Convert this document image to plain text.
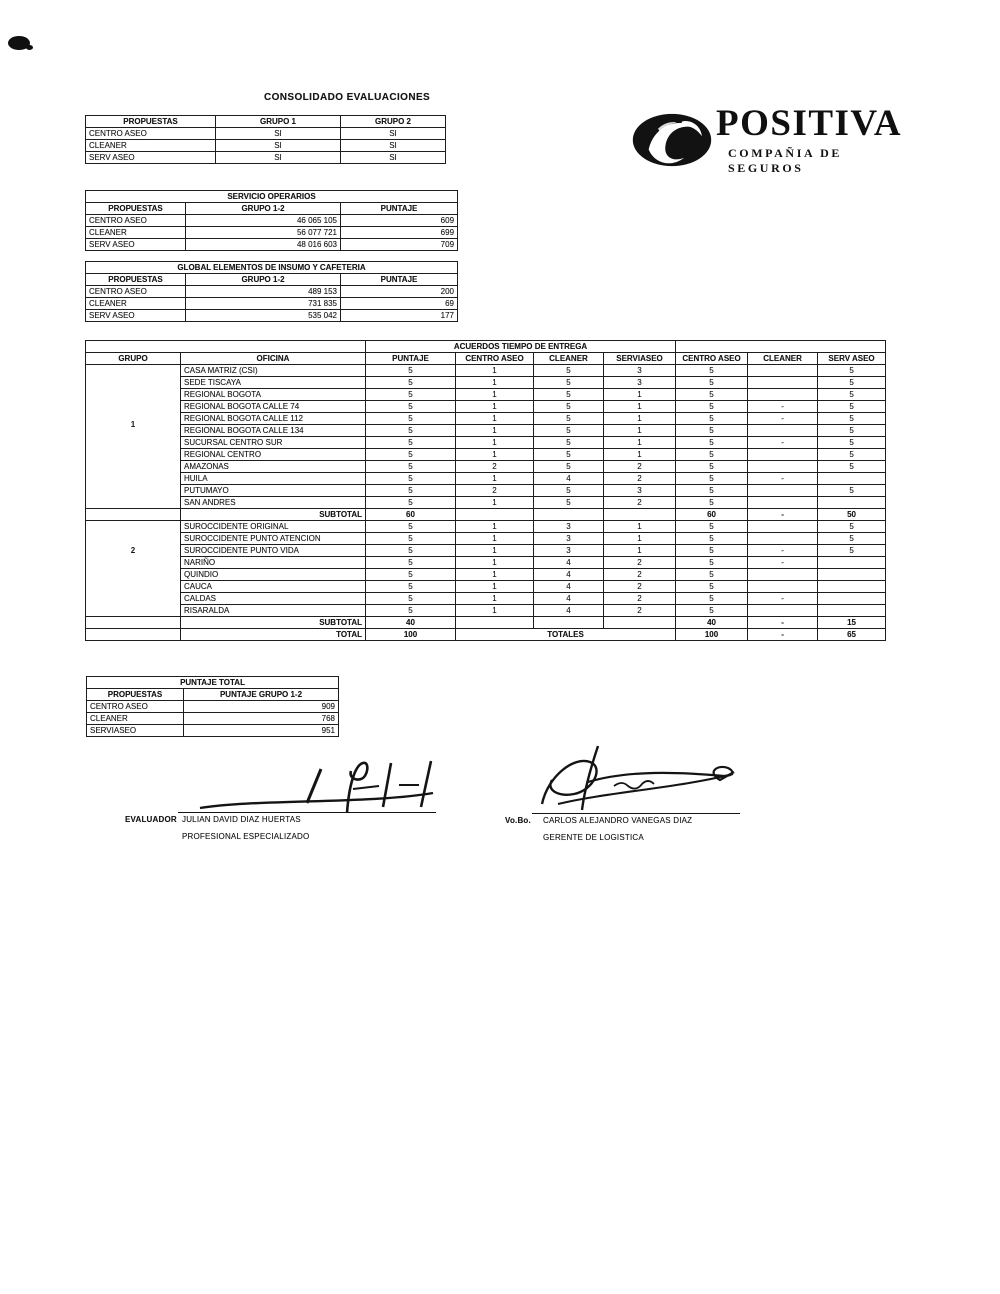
CONSOLIDADO EVALUACIONES
POSITIVA
COMPAÑIA DE SEGUROS
PROPUESTAS	GRUPO 1	GRUPO 2
CENTRO ASEO	SI	SI
CLEANER	SI	SI
SERV ASEO	SI	SI
SERVICIO OPERARIOS		
PROPUESTAS	GRUPO 1-2	PUNTAJE
CENTRO ASEO	46 065 105	609
CLEANER	56 077 721	699
SERV ASEO	48 016 603	709
GLOBAL ELEMENTOS DE INSUMO Y CAFETERIA		
PROPUESTAS	GRUPO 1-2	PUNTAJE
CENTRO ASEO	489 153	200
CLEANER	731 835	69
SERV ASEO	535 042	177
		ACUERDOS TIEMPO DE ENTREGA						
GRUPO	OFICINA	PUNTAJE	CENTRO ASEO	CLEANER	SERVIASEO	CENTRO ASEO	CLEANER	SERV ASEO
	CASA MATRIZ (CSI)	5	1	5	3	5		5
	SEDE TISCAYA	5	1	5	3	5		5
	REGIONAL BOGOTA	5	1	5	1	5		5
	REGIONAL BOGOTA CALLE 74	5	1	5	1	5	-	5
	REGIONAL BOGOTA CALLE 112	5	1	5	1	5	-	5
	REGIONAL BOGOTA CALLE 134	5	1	5	1	5		5
	SUCURSAL CENTRO SUR	5	1	5	1	5	-	5
	REGIONAL CENTRO	5	1	5	1	5		5
	AMAZONAS	5	2	5	2	5		5
	HUILA	5	1	4	2	5	-	
	PUTUMAYO	5	2	5	3	5		5
	SAN ANDRES	5	1	5	2	5		
	SUBTOTAL	60				60	-	50
	SUROCCIDENTE ORIGINAL	5	1	3	1	5		5
	SUROCCIDENTE PUNTO ATENCION	5	1	3	1	5		5
	SUROCCIDENTE PUNTO VIDA	5	1	3	1	5	-	5
	NARIÑO	5	1	4	2	5	-	
	QUINDIO	5	1	4	2	5		
	CAUCA	5	1	4	2	5		
	CALDAS	5	1	4	2	5	-	
	RISARALDA	5	1	4	2	5		
	SUBTOTAL	40				40	-	15
	TOTAL	100	TOTALES			100	-	65
1
2
PUNTAJE TOTAL	
PROPUESTAS	PUNTAJE GRUPO 1-2
CENTRO ASEO	909
CLEANER	768
SERVIASEO	951
EVALUADOR JULIAN DAVID DIAZ HUERTAS
PROFESIONAL ESPECIALIZADO
Vo.Bo. CARLOS ALEJANDRO VANEGAS DIAZ
GERENTE DE LOGISTICA
